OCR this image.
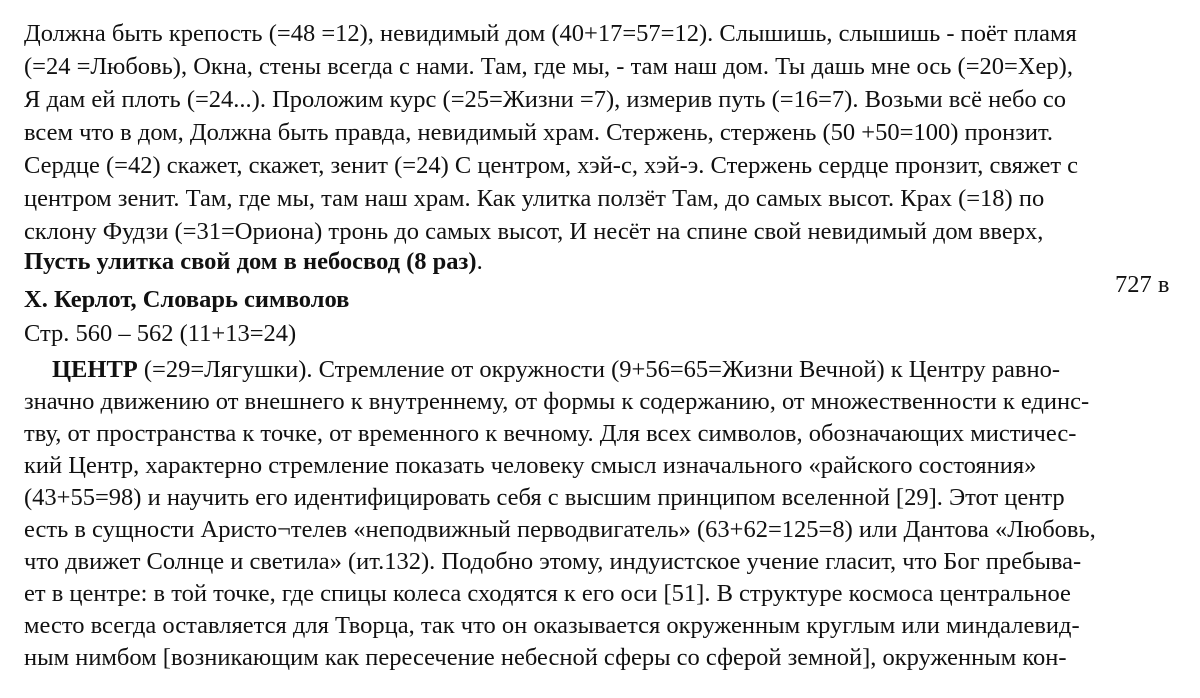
Должна быть крепость (=48 =12), невидимый дом (40+17=57=12). Слышишь, слышишь - поёт пламя
(=24 =Любовь), Окна, стены всегда с нами. Там, где мы, - там наш дом. Ты дашь мне ось (=20=Хер),
Я дам ей плоть (=24...). Проложим курс (=25=Жизни =7), измерив путь (=16=7). Возьми всё небо со
всем что в дом, Должна быть правда, невидимый храм. Стержень, стержень (50 +50=100) пронзит.
Сердце (=42) скажет, скажет, зенит (=24) С центром, хэй-с, хэй-э. Стержень сердце пронзит, свяжет с
центром зенит. Там, где мы, там наш храм. Как улитка ползёт Там, до самых высот. Крах (=18) по
склону Фудзи (=31=Ориона) тронь до самых высот, И несёт на спине свой невидимый дом вверх,
Пусть улитка свой дом в небосвод (8 раз).
727 в
Х. Керлот, Словарь символов
Стр. 560 – 562 (11+13=24)
ЦЕНТР (=29=Лягушки). Стремление от окружности (9+56=65=Жизни Вечной) к Центру равно-
значно движению от внешнего к внутреннему, от формы к содержанию, от множественности к единс-
тву, от пространства к точке, от временного к вечному. Для всех символов, обозначающих мистичес-
кий Центр, характерно стремление показать человеку смысл изначального «райского состояния»
(43+55=98) и научить его идентифицировать себя с высшим принципом вселенной [29]. Этот центр
есть в сущности Аристо¬телев «неподвижный перводвигатель» (63+62=125=8) или Дантова «Любовь,
что движет Солнце и светила» (ит.132). Подобно этому, индуистское учение гласит, что Бог пребыва-
ет в центре: в той точке, где спицы колеса сходятся к его оси [51]. В структуре космоса центральное
место всегда оставляется для Творца, так что он оказывается окруженным круглым или миндалевид-
ным нимбом [возникающим как пересечение небесной сферы со сферой земной], окруженным кон-
